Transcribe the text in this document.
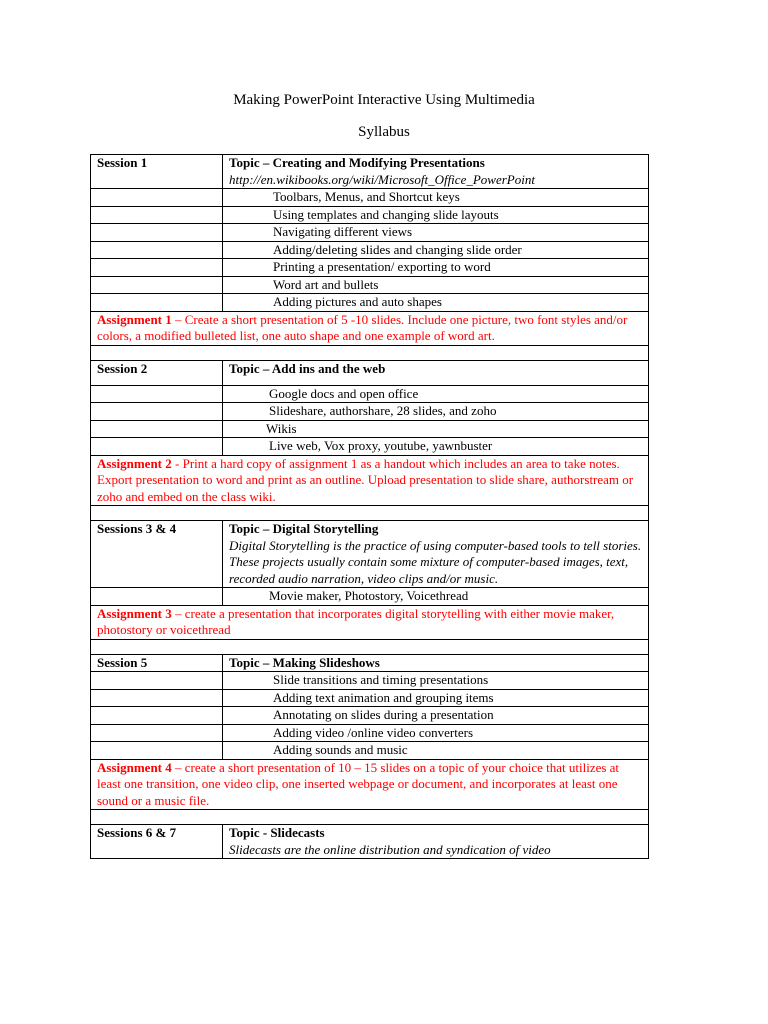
Making PowerPoint Interactive Using Multimedia
Syllabus
Session 1	Topic – Creating and Modifying Presentations
http://en.wikibooks.org/wiki/Microsoft_Office_PowerPoint

	Toolbars, Menus, and Shortcut keys
	Using templates and changing slide layouts
	Navigating different views
	Adding/deleting slides and changing slide order
	Printing a presentation/ exporting to word
	Word art and bullets
	Adding pictures and auto shapes
Assignment 1 – Create a short presentation of 5 -10 slides. Include one picture, two font styles and/or colors, a modified bulleted list, one auto shape and one example of word art.	

Session 2	Topic – Add ins and the web
	Google docs and open office
	Slideshare, authorshare, 28 slides, and zoho
	Wikis
	Live web, Vox proxy, youtube, yawnbuster
Assignment 2 - Print a hard copy of assignment 1 as a handout which includes an area to take notes. Export presentation to word and print as an outline. Upload presentation to slide share, authorstream or zoho and embed on the class wiki.	

Sessions 3 & 4	Topic – Digital Storytelling
Digital Storytelling is the practice of using computer-based tools to tell stories. These projects usually contain some mixture of computer-based images, text, recorded audio narration, video clips and/or music.

	Movie maker, Photostory, Voicethread
Assignment 3 – create a presentation that incorporates digital storytelling with either movie maker, photostory or voicethread	

Session 5	Topic – Making Slideshows
	Slide transitions and timing presentations
	Adding text animation and grouping items
	Annotating on slides during a presentation
	Adding video /online video converters
	Adding sounds and music
Assignment 4 – create a short presentation of 10 – 15 slides on a topic of your choice that utilizes at least one transition, one video clip, one inserted webpage or document, and incorporates at least one sound or a music file.	

Sessions 6 & 7	Topic - Slidecasts
Slidecasts are the online distribution and syndication of video
